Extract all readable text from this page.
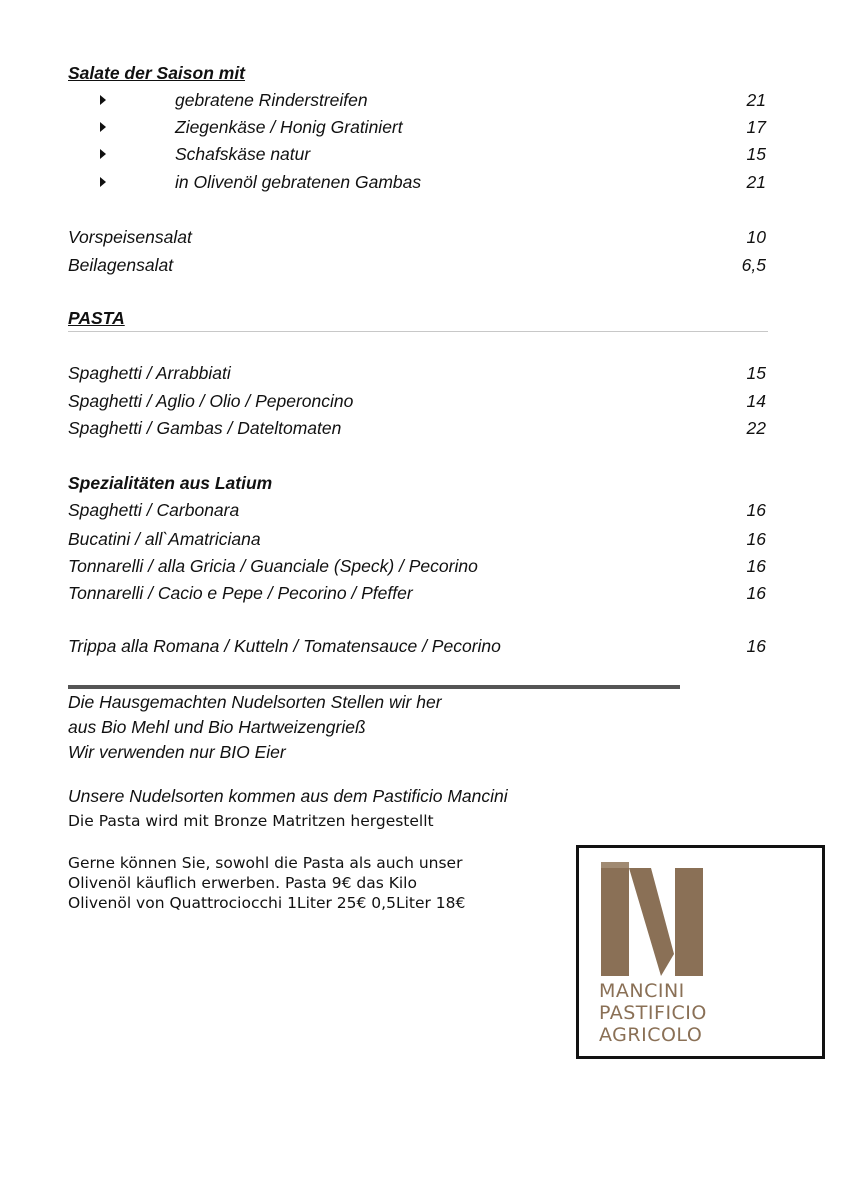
Salate der Saison mit
gebratene Rinderstreifen	21
Ziegenkäse / Honig Gratiniert	17
Schafskäse natur	15
in Olivenöl gebratenen Gambas	21
Vorspeisensalat	10
Beilagensalat	6,5
PASTA
Spaghetti / Arrabbiati	15
Spaghetti / Aglio / Olio / Peperoncino	14
Spaghetti / Gambas / Dateltomaten	22
Spezialitäten aus Latium
Spaghetti / Carbonara	16
Bucatini / all`Amatriciana	16
Tonnarelli / alla Gricia / Guanciale (Speck) / Pecorino	16
Tonnarelli / Cacio e Pepe / Pecorino / Pfeffer	16
Trippa alla Romana / Kutteln / Tomatensauce / Pecorino	16
Die Hausgemachten Nudelsorten Stellen wir her
aus Bio Mehl und Bio Hartweizengrieß
Wir verwenden nur BIO Eier
Unsere Nudelsorten kommen aus dem Pastificio Mancini
Die Pasta wird mit Bronze Matritzen hergestellt
Gerne können Sie, sowohl die Pasta als auch unser
Olivenöl käuflich erwerben. Pasta 9€ das Kilo
Olivenöl von Quattrociocchi 1Liter 25€ 0,5Liter 18€
MANCINI
PASTIFICIO
AGRICOLO
